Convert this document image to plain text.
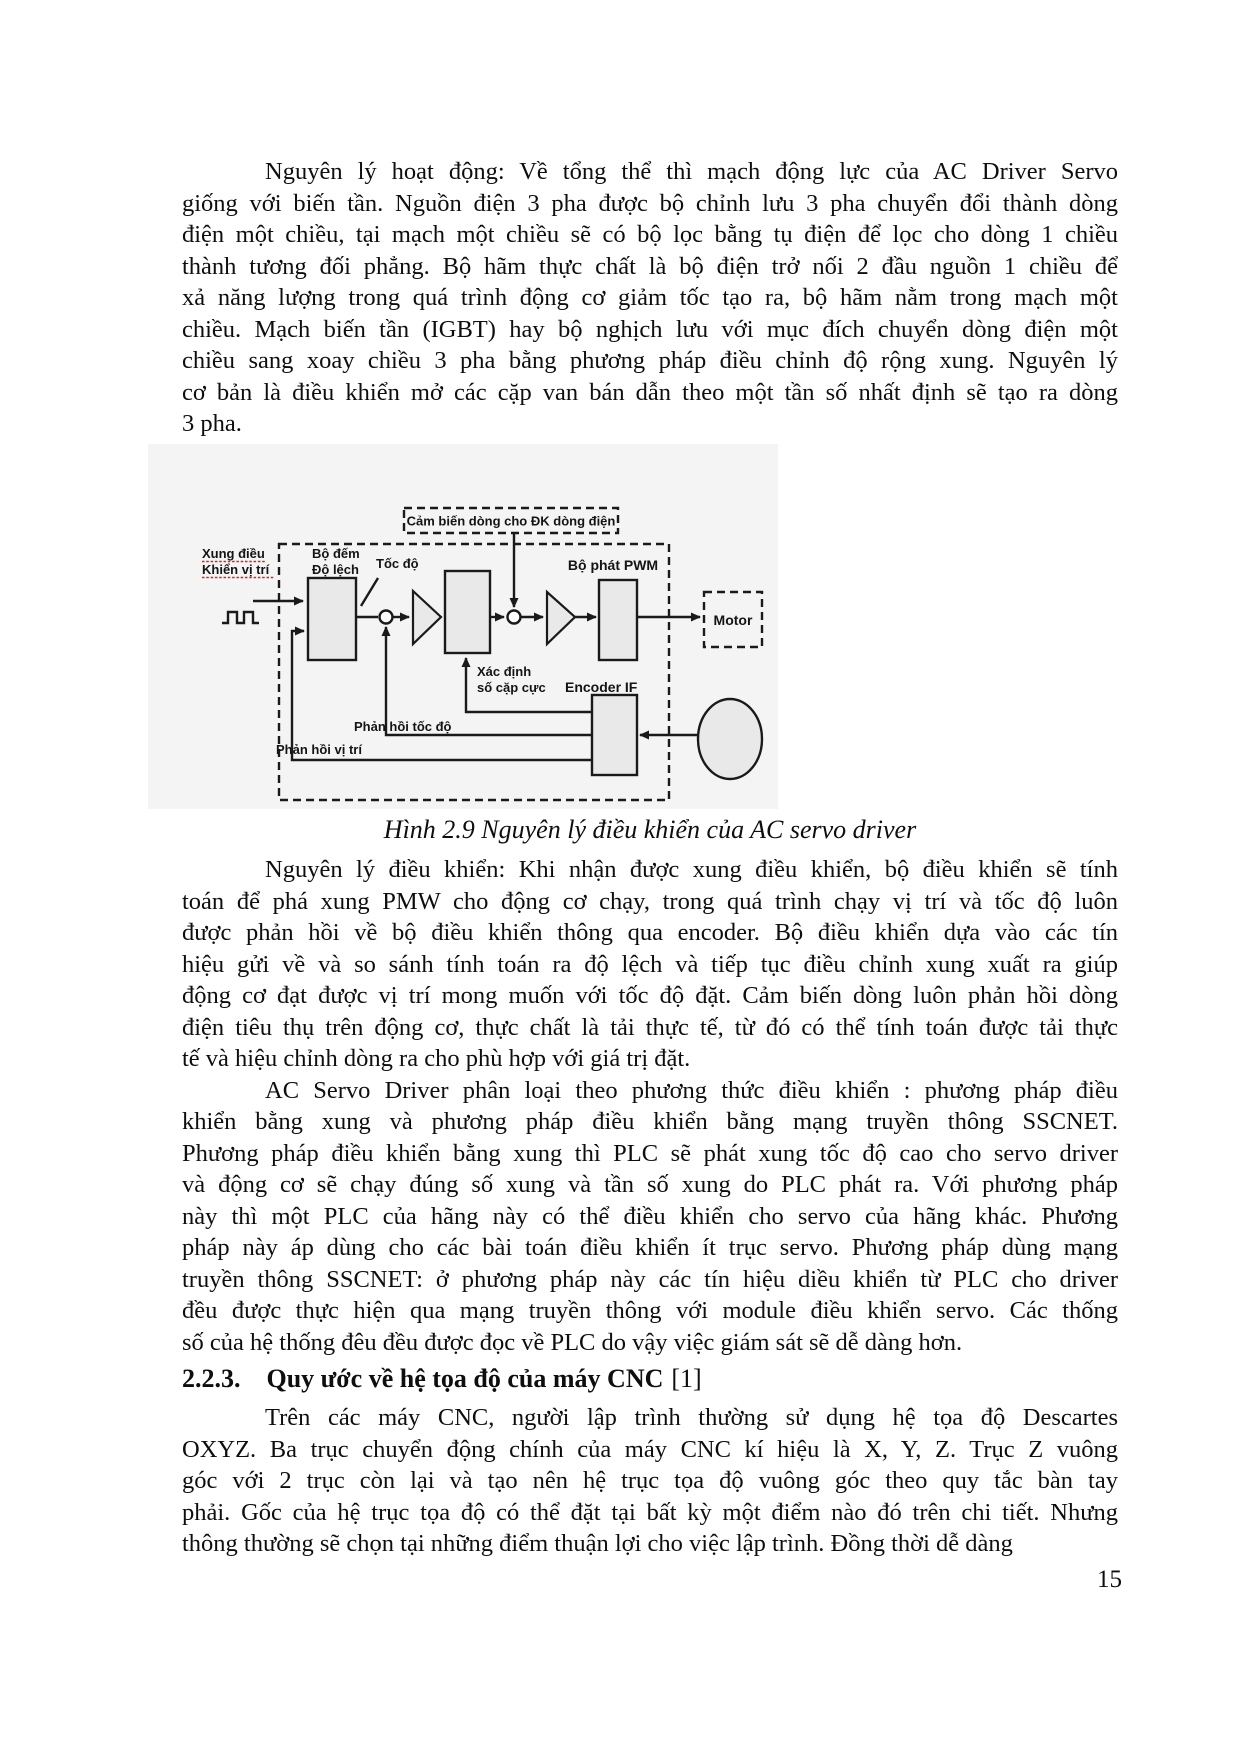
Nguyên lý hoạt động: Về tổng thể thì mạch động lực của AC Driver Servo
giống với biến tần. Nguồn điện 3 pha được bộ chỉnh lưu 3 pha chuyển đổi thành dòng
điện một chiều, tại mạch một chiều sẽ có bộ lọc bằng tụ điện để lọc cho dòng 1 chiều
thành tương đối phẳng. Bộ hãm thực chất là bộ điện trở nối 2 đầu nguồn 1 chiều để
xả năng lượng trong quá trình động cơ giảm tốc tạo ra, bộ hãm nằm trong mạch một
chiều. Mạch biến tần (IGBT) hay bộ nghịch lưu với mục đích chuyển dòng điện một
chiều sang xoay chiều 3 pha bằng phương pháp điều chỉnh độ rộng xung. Nguyên lý
cơ bản là điều khiển mở các cặp van bán dẫn theo một tần số nhất định sẽ tạo ra dòng
3 pha.
Cảm biến dòng cho ĐK dòng điện
Xung điều
Khiển vị trí
Bộ đếm
Độ lệch Tốc độ	Bộ phát PWM
Xác định
số cặp cực Encoder IF
Phản hồi tốc độ
Phản hồi vị trí
Motor
Hình 2.9 Nguyên lý điều khiển của AC servo driver
Nguyên lý điều khiển: Khi nhận được xung điều khiển, bộ điều khiển sẽ tính
toán để phá xung PMW cho động cơ chạy, trong quá trình chạy vị trí và tốc độ luôn
được phản hồi về bộ điều khiển thông qua encoder. Bộ điều khiển dựa vào các tín
hiệu gửi về và so sánh tính toán ra độ lệch và tiếp tục điều chỉnh xung xuất ra giúp
động cơ đạt được vị trí mong muốn với tốc độ đặt. Cảm biến dòng luôn phản hồi dòng
điện tiêu thụ trên động cơ, thực chất là tải thực tế, từ đó có thể tính toán được tải thực
tế và hiệu chỉnh dòng ra cho phù hợp với giá trị đặt.
AC Servo Driver phân loại theo phương thức điều khiển : phương pháp điều
khiển bằng xung và phương pháp điều khiển bằng mạng truyền thông SSCNET.
Phương pháp điều khiển bằng xung thì PLC sẽ phát xung tốc độ cao cho servo driver
và động cơ sẽ chạy đúng số xung và tần số xung do PLC phát ra. Với phương pháp
này thì một PLC của hãng này có thể điều khiển cho servo của hãng khác. Phương
pháp này áp dùng cho các bài toán điều khiển ít trục servo. Phương pháp dùng mạng
truyền thông SSCNET: ở phương pháp này các tín hiệu diều khiển từ PLC cho driver
đều được thực hiện qua mạng truyền thông với module điều khiển servo. Các thống
số của hệ thống đêu đều được đọc về PLC do vậy việc giám sát sẽ dễ dàng hơn.
2.2.3. Quy ước về hệ tọa độ của máy CNC [1]
Trên các máy CNC, người lập trình thường sử dụng hệ tọa độ Descartes
OXYZ. Ba trục chuyển động chính của máy CNC kí hiệu là X, Y, Z. Trục Z vuông
góc với 2 trục còn lại và tạo nên hệ trục tọa độ vuông góc theo quy tắc bàn tay
phải. Gốc của hệ trục tọa độ có thể đặt tại bất kỳ một điểm nào đó trên chi tiết. Nhưng
thông thường sẽ chọn tại những điểm thuận lợi cho việc lập trình. Đồng thời dễ dàng
15
